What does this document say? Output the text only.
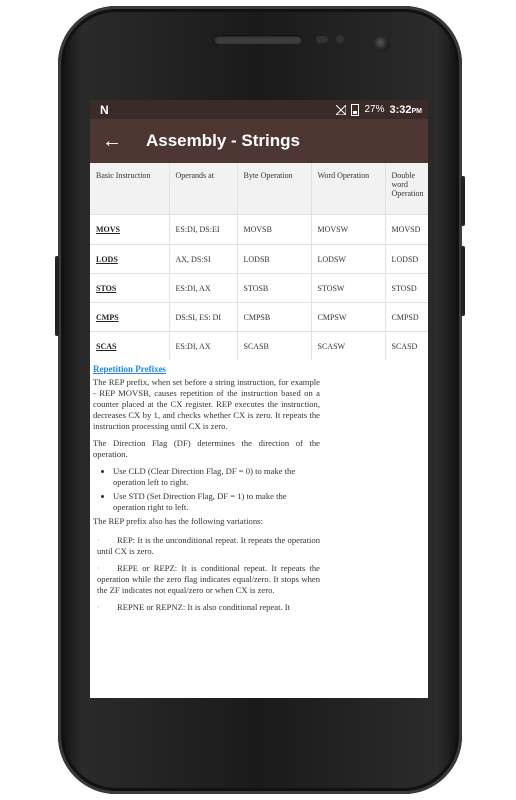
N	27% 3:32PM
←	Assembly - Strings
Basic Instruction	Operands at	Byte Operation	Word Operation	Double word Operation
MOVS	ES:DI, DS:EI	MOVSB	MOVSW	MOVSD
LODS	AX, DS:SI	LODSB	LODSW	LODSD
STOS	ES:DI, AX	STOSB	STOSW	STOSD
CMPS	DS:SI, ES: DI	CMPSB	CMPSW	CMPSD
SCAS	ES:DI, AX	SCASB	SCASW	SCASD
Repetition Prefixes

The REP prefix, when set before a string instruction, for example - REP MOVSB, causes repetition of the instruction based on a counter placed at the CX register. REP executes the instruction, decreases CX by 1, and checks whether CX is zero. It repeats the instruction processing until CX is zero.

The Direction Flag (DF) determines the direction of the operation.

• Use CLD (Clear Direction Flag, DF = 0) to make the operation left to right.
• Use STD (Set Direction Flag, DF = 1) to make the operation right to left.

The REP prefix also has the following variations:

· REP: It is the unconditional repeat. It repeats the operation until CX is zero.

· REPE or REPZ: It is conditional repeat. It repeats the operation while the zero flag indicates equal/zero. It stops when the ZF indicates not equal/zero or when CX is zero.

· REPNE or REPNZ: It is also conditional repeat. It
